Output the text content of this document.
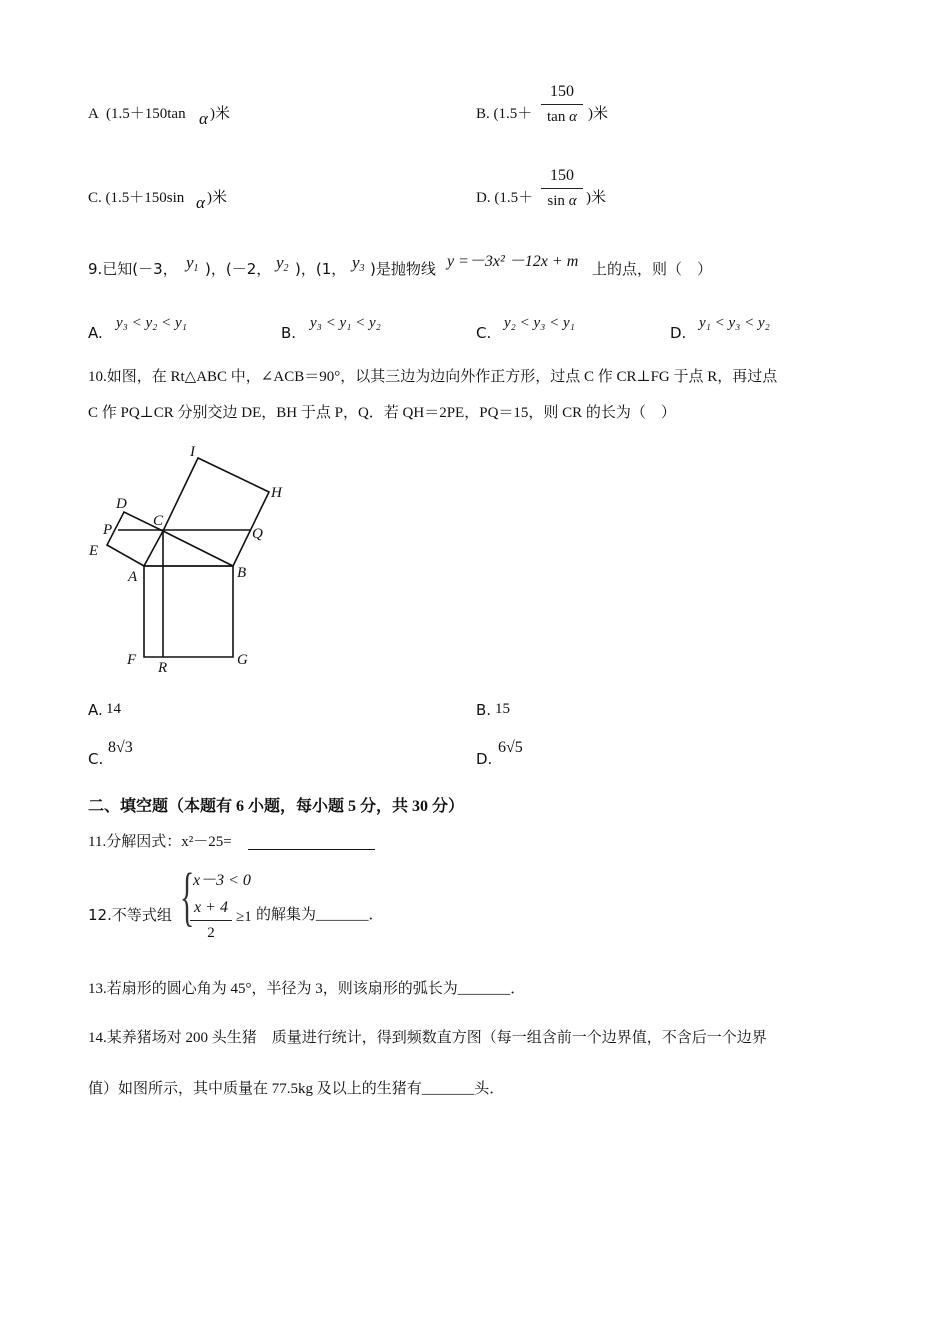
A (1.5＋150tan α )米	B. ($1.5+ \frac{150}{\text{tan α}}$ )米
C. (1.5＋150sin α )米	D. ($1.5+ \frac{150}{\text{sin α}}$ )米
9.已知(－3， $y_1$ )，(－2， $y_2$ )，(1， $y_3$ )是抛物线 y =－3x² －12x + m 上的点，则（　）
A.
y₃ < y₂ < y₁
B.
y₃ < y₁ < y₂
C.
y₂ < y₃ < y₁
D.
y₁ < y₃ < y₂
10.如图，在 Rt△ABC 中，∠ACB＝90°，以其三边为边向外作正方形，过点 C 作 CR⊥FG 于点 R，再过点
C 作 PQ⊥CR 分别交边 DE，BH 于点 P，Q．若 QH＝2PE，PQ＝15，则 CR 的长为（　）
I
H
D
P
C
Q
E
A	B
F R	G
A. 14	B. 15
C.
8√3
D.
6√5
二、填空题（本题有 6 小题，每小题 5 分，共 30 分）
11.分解因式：x²－25=
12.不等式组 {
x－3 < 0
$\frac{x + 4}{2} \ge 1$ 的解集为_______．
13.若扇形的圆心角为 45°，半径为 3，则该扇形的弧长为_______．
14.某养猪场对 200 头生猪　质量进行统计，得到频数直方图（每一组含前一个边界值，不含后一个边界
值）如图所示，其中质量在 77.5kg 及以上的生猪有_______头．
